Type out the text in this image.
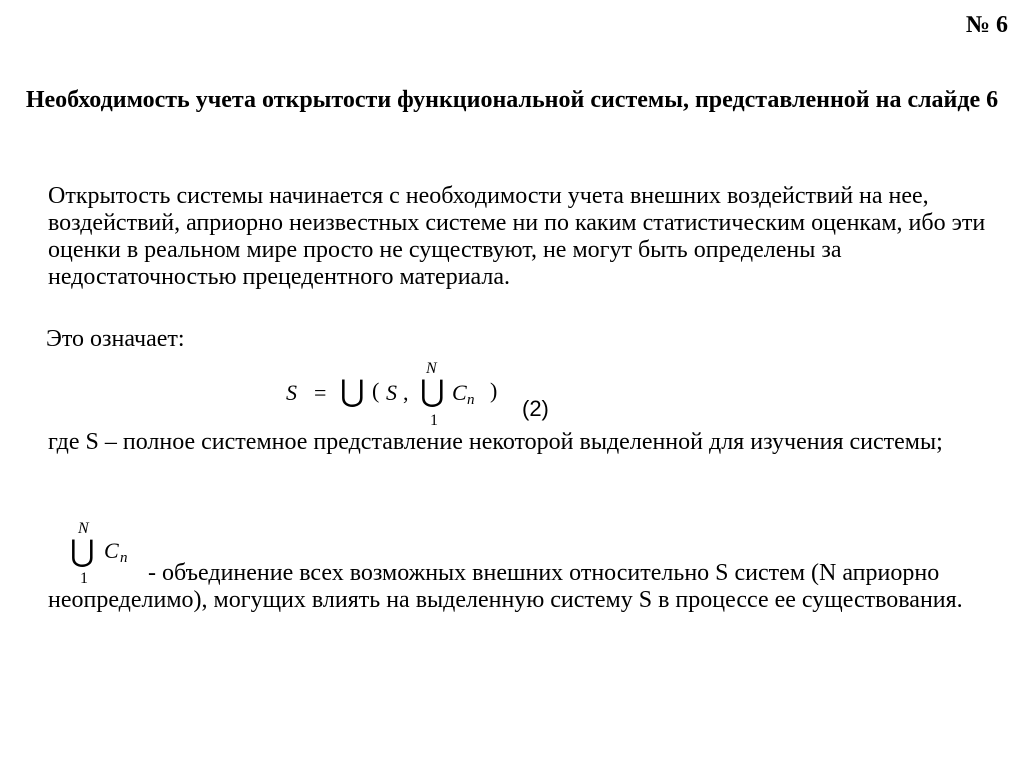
№ 6
Необходимость учета открытости функциональной системы, представленной на слайде 6
Открытость системы начинается с необходимости учета внешних воздействий на нее, воздействий, априорно неизвестных системе ни по каким статистическим оценкам, ибо эти оценки в реальном мире просто не существуют, не могут быть определены за недостаточностью прецедентного материала.
Это означает:
S = ⋃ ( S ,
N
⋃
1
C n )
(2)
где S – полное системное представление некоторой выделенной для изучения системы;
N
⋃
1
C n
- объединение всех возможных внешних относительно S систем (N априорно неопределимо), могущих влиять на выделенную систему S в процессе ее существования.
